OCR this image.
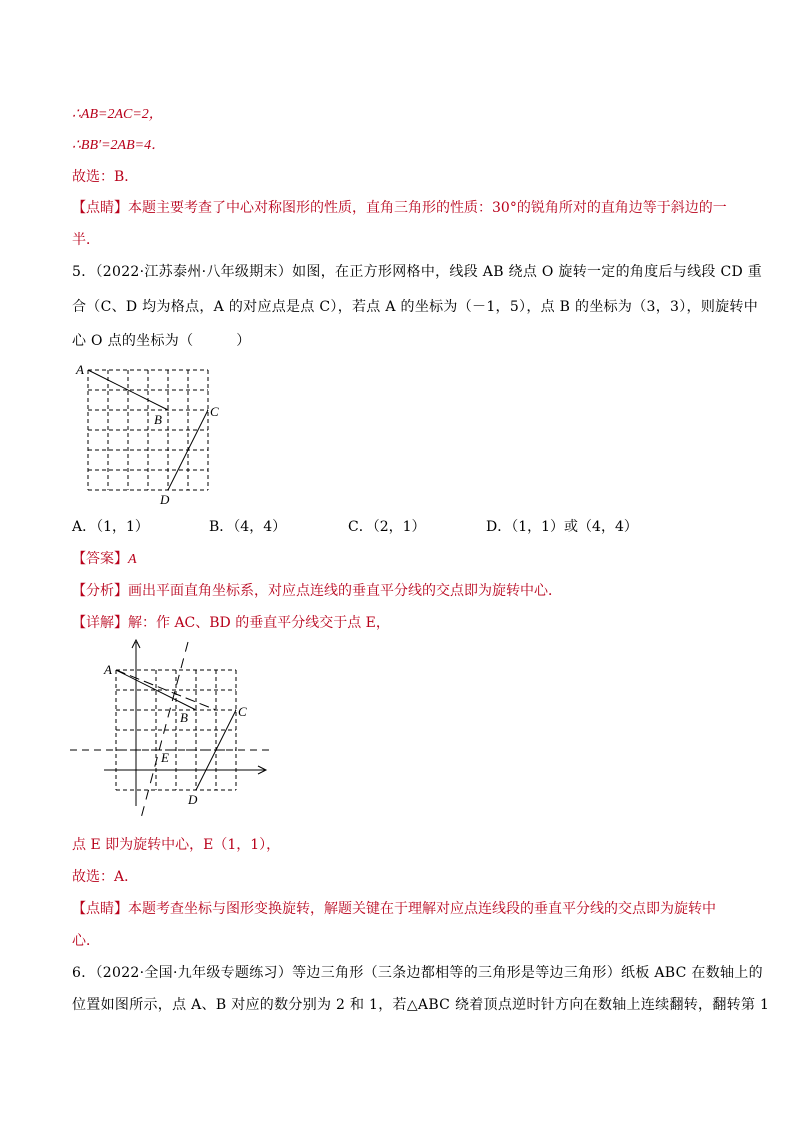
∴AB=2AC=2，
∴BB′=2AB=4．
故选：B．
【点睛】本题主要考查了中心对称图形的性质，直角三角形的性质：30°的锐角所对的直角边等于斜边的一
半．
5．（2022·江苏泰州·八年级期末）如图，在正方形网格中，线段 AB 绕点 O 旋转一定的角度后与线段 CD 重
合（C、D 均为格点，A 的对应点是点 C），若点 A 的坐标为（－1，5），点 B 的坐标为（3，3），则旋转中
心 O 点的坐标为（　　　）
A
B
C
D
A．（1，1）	B．（4，4）	C．（2，1）	D．（1，1）或（4，4）
【答案】A
【分析】画出平面直角坐标系，对应点连线的垂直平分线的交点即为旋转中心．
【详解】解：作 AC、BD 的垂直平分线交于点 E，
A
B	C
D
E
点 E 即为旋转中心，E（1，1），
故选：A．
【点睛】本题考查坐标与图形变换旋转，解题关键在于理解对应点连线段的垂直平分线的交点即为旋转中
心．
6．（2022·全国·九年级专题练习）等边三角形（三条边都相等的三角形是等边三角形）纸板 ABC 在数轴上的
位置如图所示，点 A、B 对应的数分别为 2 和 1，若△ABC 绕着顶点逆时针方向在数轴上连续翻转，翻转第 1
